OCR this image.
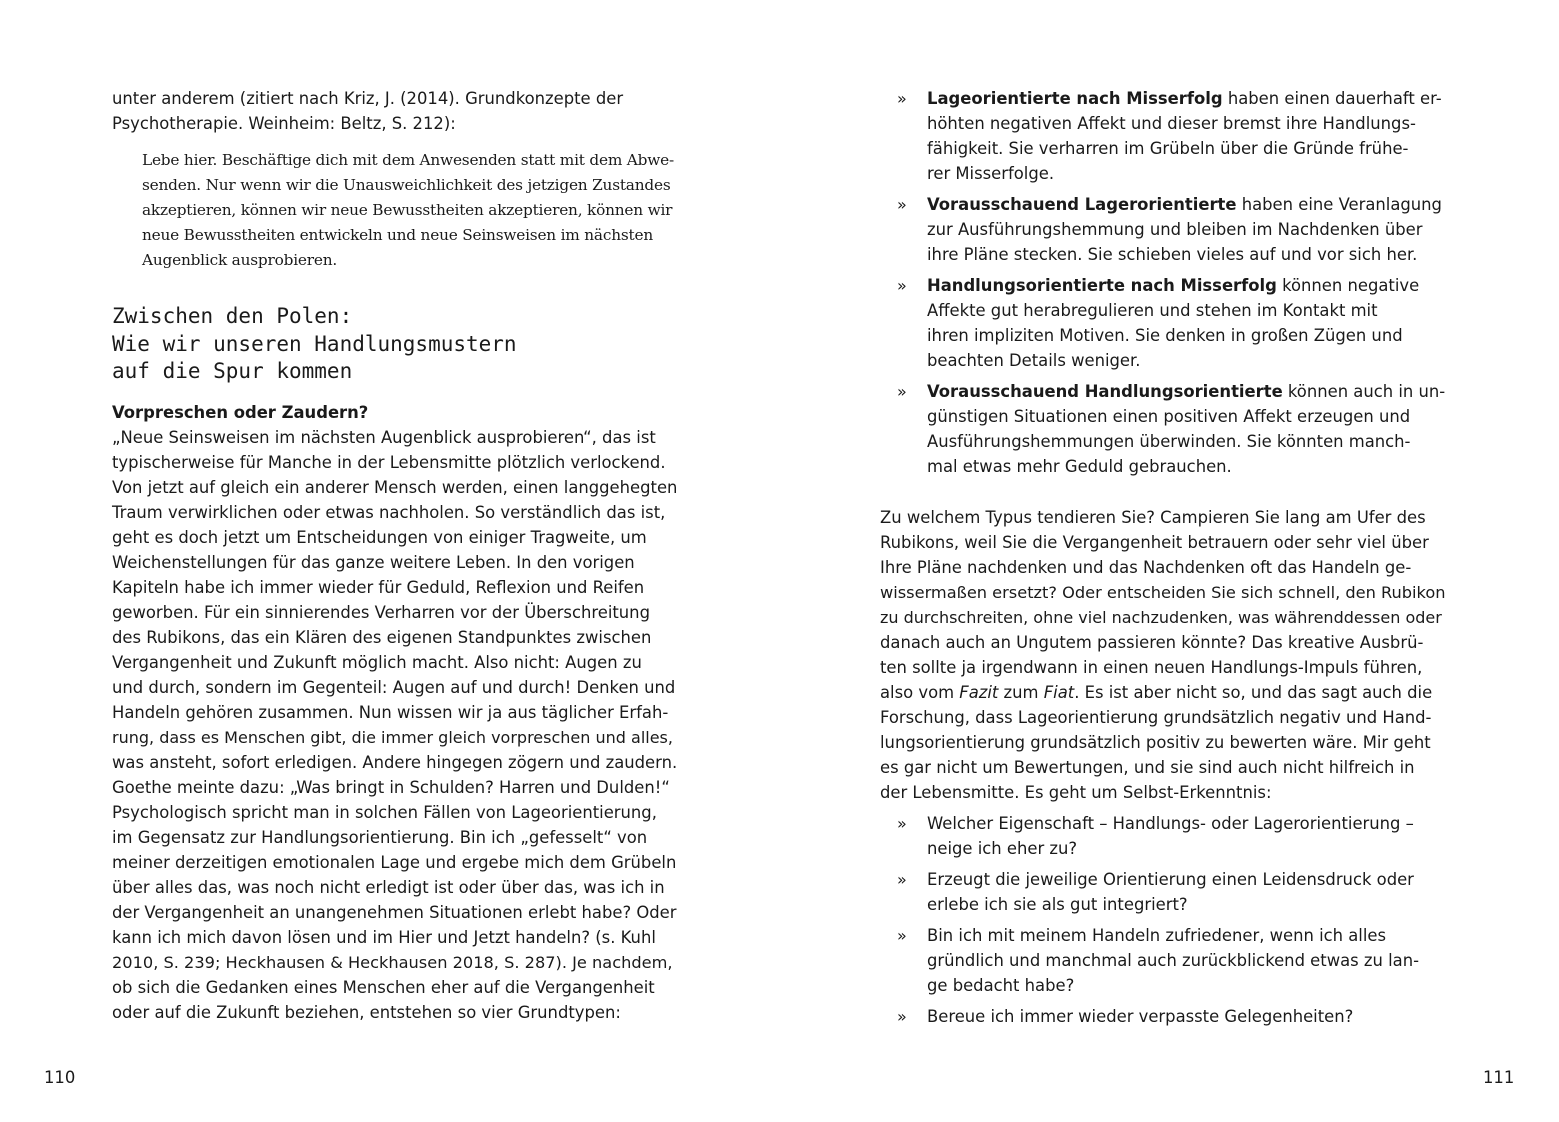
unter anderem (zitiert nach Kriz, J. (2014). Grundkonzepte der
Psychotherapie. Weinheim: Beltz, S. 212):
Lebe hier. Beschäftige dich mit dem Anwesenden statt mit dem Abwe-
senden. Nur wenn wir die Unausweichlichkeit des jetzigen Zustandes
akzeptieren, können wir neue Bewusstheiten akzeptieren, können wir
neue Bewusstheiten entwickeln und neue Seinsweisen im nächsten
Augenblick ausprobieren.
Zwischen den Polen:
Wie wir unseren Handlungsmustern
auf die Spur kommen
Vorpreschen oder Zaudern?
„Neue Seinsweisen im nächsten Augenblick ausprobieren“, das ist
typischerweise für Manche in der Lebensmitte plötzlich verlockend.
Von jetzt auf gleich ein anderer Mensch werden, einen langgehegten
Traum verwirklichen oder etwas nachholen. So verständlich das ist,
geht es doch jetzt um Entscheidungen von einiger Tragweite, um
Weichenstellungen für das ganze weitere Leben. In den vorigen
Kapiteln habe ich immer wieder für Geduld, Reflexion und Reifen
geworben. Für ein sinnierendes Verharren vor der Überschreitung
des Rubikons, das ein Klären des eigenen Standpunktes zwischen
Vergangenheit und Zukunft möglich macht. Also nicht: Augen zu
und durch, sondern im Gegenteil: Augen auf und durch! Denken und
Handeln gehören zusammen. Nun wissen wir ja aus täglicher Erfah-
rung, dass es Menschen gibt, die immer gleich vorpreschen und alles,
was ansteht, sofort erledigen. Andere hingegen zögern und zaudern.
Goethe meinte dazu: „Was bringt in Schulden? Harren und Dulden!“
Psychologisch spricht man in solchen Fällen von Lageorientierung,
im Gegensatz zur Handlungsorientierung. Bin ich „gefesselt“ von
meiner derzeitigen emotionalen Lage und ergebe mich dem Grübeln
über alles das, was noch nicht erledigt ist oder über das, was ich in
der Vergangenheit an unangenehmen Situationen erlebt habe? Oder
kann ich mich davon lösen und im Hier und Jetzt handeln? (s. Kuhl
2010, S. 239; Heckhausen & Heckhausen 2018, S. 287). Je nachdem,
ob sich die Gedanken eines Menschen eher auf die Vergangenheit
oder auf die Zukunft beziehen, entstehen so vier Grundtypen:
110
» Lageorientierte nach Misserfolg haben einen dauerhaft er-
höhten negativen Affekt und dieser bremst ihre Handlungs-
fähigkeit. Sie verharren im Grübeln über die Gründe frühe-
rer Misserfolge.
» Vorausschauend Lagerorientierte haben eine Veranlagung
zur Ausführungshemmung und bleiben im Nachdenken über
ihre Pläne stecken. Sie schieben vieles auf und vor sich her.
» Handlungsorientierte nach Misserfolg können negative
Affekte gut herabregulieren und stehen im Kontakt mit
ihren impliziten Motiven. Sie denken in großen Zügen und
beachten Details weniger.
» Vorausschauend Handlungsorientierte können auch in un-
günstigen Situationen einen positiven Affekt erzeugen und
Ausführungshemmungen überwinden. Sie könnten manch-
mal etwas mehr Geduld gebrauchen.
Zu welchem Typus tendieren Sie? Campieren Sie lang am Ufer des
Rubikons, weil Sie die Vergangenheit betrauern oder sehr viel über
Ihre Pläne nachdenken und das Nachdenken oft das Handeln ge-
wissermaßen ersetzt? Oder entscheiden Sie sich schnell, den Rubikon
zu durchschreiten, ohne viel nachzudenken, was währenddessen oder
danach auch an Ungutem passieren könnte? Das kreative Ausbrü-
ten sollte ja irgendwann in einen neuen Handlungs-Impuls führen,
also vom Fazit zum Fiat. Es ist aber nicht so, und das sagt auch die
Forschung, dass Lageorientierung grundsätzlich negativ und Hand-
lungsorientierung grundsätzlich positiv zu bewerten wäre. Mir geht
es gar nicht um Bewertungen, und sie sind auch nicht hilfreich in
der Lebensmitte. Es geht um Selbst-Erkenntnis:
» Welcher Eigenschaft – Handlungs- oder Lagerorientierung –
neige ich eher zu?
» Erzeugt die jeweilige Orientierung einen Leidensdruck oder
erlebe ich sie als gut integriert?
» Bin ich mit meinem Handeln zufriedener, wenn ich alles
gründlich und manchmal auch zurückblickend etwas zu lan-
ge bedacht habe?
» Bereue ich immer wieder verpasste Gelegenheiten?
111
